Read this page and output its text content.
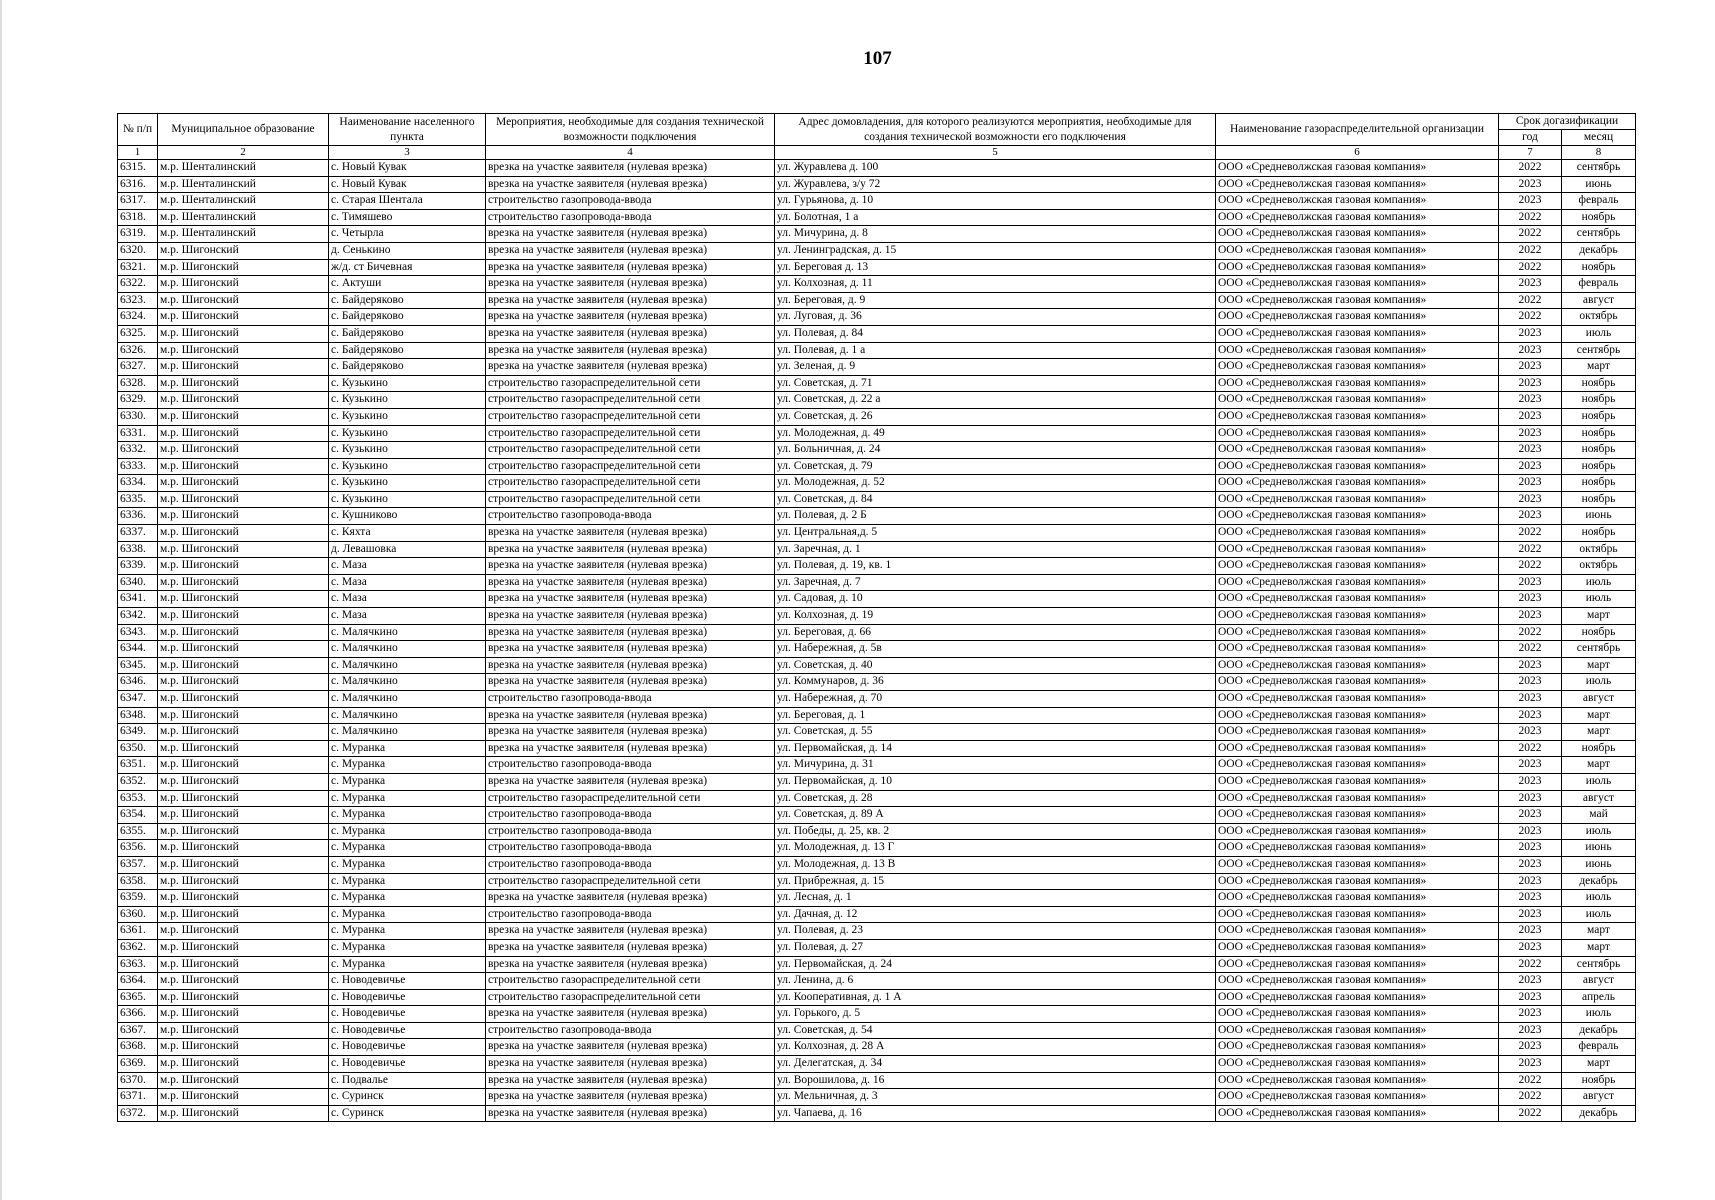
107
№ п/п	Муниципальное образование	Наименование населенного пункта	Мероприятия, необходимые для создания технической возможности подключения	Адрес домовладения, для которого реализуются мероприятия, необходимые для создания технической возможности его подключения	Наименование газораспределительной организации	Срок догазификации	
						год	месяц
1	2	3	4	5	6	7	8
6315.	м.р. Шенталинский	с. Новый Кувак	врезка на участке заявителя (нулевая врезка)	ул. Журавлева д. 100	ООО «Средневолжская газовая компания»	2022	сентябрь
6316.	м.р. Шенталинский	с. Новый Кувак	врезка на участке заявителя (нулевая врезка)	ул. Журавлева, з/у 72	ООО «Средневолжская газовая компания»	2023	июнь
6317.	м.р. Шенталинский	с. Старая Шентала	строительство газопровода-ввода	ул. Гурьянова, д. 10	ООО «Средневолжская газовая компания»	2023	февраль
6318.	м.р. Шенталинский	с. Тимяшево	строительство газопровода-ввода	ул. Болотная, 1 а	ООО «Средневолжская газовая компания»	2022	ноябрь
6319.	м.р. Шенталинский	с. Четырла	врезка на участке заявителя (нулевая врезка)	ул. Мичурина, д. 8	ООО «Средневолжская газовая компания»	2022	сентябрь
6320.	м.р. Шигонский	д. Сенькино	врезка на участке заявителя (нулевая врезка)	ул. Ленинградская, д. 15	ООО «Средневолжская газовая компания»	2022	декабрь
6321.	м.р. Шигонский	ж/д. ст Бичевная	врезка на участке заявителя (нулевая врезка)	ул. Береговая д. 13	ООО «Средневолжская газовая компания»	2022	ноябрь
6322.	м.р. Шигонский	с. Актуши	врезка на участке заявителя (нулевая врезка)	ул. Колхозная, д. 11	ООО «Средневолжская газовая компания»	2023	февраль
6323.	м.р. Шигонский	с. Байдеряково	врезка на участке заявителя (нулевая врезка)	ул. Береговая, д. 9	ООО «Средневолжская газовая компания»	2022	август
6324.	м.р. Шигонский	с. Байдеряково	врезка на участке заявителя (нулевая врезка)	ул. Луговая, д. 36	ООО «Средневолжская газовая компания»	2022	октябрь
6325.	м.р. Шигонский	с. Байдеряково	врезка на участке заявителя (нулевая врезка)	ул. Полевая, д. 84	ООО «Средневолжская газовая компания»	2023	июль
6326.	м.р. Шигонский	с. Байдеряково	врезка на участке заявителя (нулевая врезка)	ул. Полевая, д. 1 а	ООО «Средневолжская газовая компания»	2023	сентябрь
6327.	м.р. Шигонский	с. Байдеряково	врезка на участке заявителя (нулевая врезка)	ул. Зеленая, д. 9	ООО «Средневолжская газовая компания»	2023	март
6328.	м.р. Шигонский	с. Кузькино	строительство газораспределительной сети	ул. Советская, д. 71	ООО «Средневолжская газовая компания»	2023	ноябрь
6329.	м.р. Шигонский	с. Кузькино	строительство газораспределительной сети	ул. Советская, д. 22 а	ООО «Средневолжская газовая компания»	2023	ноябрь
6330.	м.р. Шигонский	с. Кузькино	строительство газораспределительной сети	ул. Советская, д. 26	ООО «Средневолжская газовая компания»	2023	ноябрь
6331.	м.р. Шигонский	с. Кузькино	строительство газораспределительной сети	ул. Молодежная, д. 49	ООО «Средневолжская газовая компания»	2023	ноябрь
6332.	м.р. Шигонский	с. Кузькино	строительство газораспределительной сети	ул. Больничная, д. 24	ООО «Средневолжская газовая компания»	2023	ноябрь
6333.	м.р. Шигонский	с. Кузькино	строительство газораспределительной сети	ул. Советская, д. 79	ООО «Средневолжская газовая компания»	2023	ноябрь
6334.	м.р. Шигонский	с. Кузькино	строительство газораспределительной сети	ул. Молодежная, д. 52	ООО «Средневолжская газовая компания»	2023	ноябрь
6335.	м.р. Шигонский	с. Кузькино	строительство газораспределительной сети	ул. Советская, д. 84	ООО «Средневолжская газовая компания»	2023	ноябрь
6336.	м.р. Шигонский	с. Кушниково	строительство газопровода-ввода	ул. Полевая, д. 2 Б	ООО «Средневолжская газовая компания»	2023	июнь
6337.	м.р. Шигонский	с. Кяхта	врезка на участке заявителя (нулевая врезка)	ул. Центральная,д. 5	ООО «Средневолжская газовая компания»	2022	ноябрь
6338.	м.р. Шигонский	д. Левашовка	врезка на участке заявителя (нулевая врезка)	ул. Заречная, д. 1	ООО «Средневолжская газовая компания»	2022	октябрь
6339.	м.р. Шигонский	с. Маза	врезка на участке заявителя (нулевая врезка)	ул. Полевая, д. 19, кв. 1	ООО «Средневолжская газовая компания»	2022	октябрь
6340.	м.р. Шигонский	с. Маза	врезка на участке заявителя (нулевая врезка)	ул. Заречная, д. 7	ООО «Средневолжская газовая компания»	2023	июль
6341.	м.р. Шигонский	с. Маза	врезка на участке заявителя (нулевая врезка)	ул. Садовая, д. 10	ООО «Средневолжская газовая компания»	2023	июль
6342.	м.р. Шигонский	с. Маза	врезка на участке заявителя (нулевая врезка)	ул. Колхозная, д. 19	ООО «Средневолжская газовая компания»	2023	март
6343.	м.р. Шигонский	с. Малячкино	врезка на участке заявителя (нулевая врезка)	ул. Береговая, д. 66	ООО «Средневолжская газовая компания»	2022	ноябрь
6344.	м.р. Шигонский	с. Малячкино	врезка на участке заявителя (нулевая врезка)	ул. Набережная, д. 5в	ООО «Средневолжская газовая компания»	2022	сентябрь
6345.	м.р. Шигонский	с. Малячкино	врезка на участке заявителя (нулевая врезка)	ул. Советская, д. 40	ООО «Средневолжская газовая компания»	2023	март
6346.	м.р. Шигонский	с. Малячкино	врезка на участке заявителя (нулевая врезка)	ул. Коммунаров, д. 36	ООО «Средневолжская газовая компания»	2023	июль
6347.	м.р. Шигонский	с. Малячкино	строительство газопровода-ввода	ул. Набережная, д. 70	ООО «Средневолжская газовая компания»	2023	август
6348.	м.р. Шигонский	с. Малячкино	врезка на участке заявителя (нулевая врезка)	ул. Береговая, д. 1	ООО «Средневолжская газовая компания»	2023	март
6349.	м.р. Шигонский	с. Малячкино	врезка на участке заявителя (нулевая врезка)	ул. Советская, д. 55	ООО «Средневолжская газовая компания»	2023	март
6350.	м.р. Шигонский	с. Муранка	врезка на участке заявителя (нулевая врезка)	ул. Первомайская, д. 14	ООО «Средневолжская газовая компания»	2022	ноябрь
6351.	м.р. Шигонский	с. Муранка	строительство газопровода-ввода	ул. Мичурина, д. 31	ООО «Средневолжская газовая компания»	2023	март
6352.	м.р. Шигонский	с. Муранка	врезка на участке заявителя (нулевая врезка)	ул. Первомайская, д. 10	ООО «Средневолжская газовая компания»	2023	июль
6353.	м.р. Шигонский	с. Муранка	строительство газораспределительной сети	ул. Советская, д. 28	ООО «Средневолжская газовая компания»	2023	август
6354.	м.р. Шигонский	с. Муранка	строительство газопровода-ввода	ул. Советская, д. 89 А	ООО «Средневолжская газовая компания»	2023	май
6355.	м.р. Шигонский	с. Муранка	строительство газопровода-ввода	ул. Победы, д. 25, кв. 2	ООО «Средневолжская газовая компания»	2023	июль
6356.	м.р. Шигонский	с. Муранка	строительство газопровода-ввода	ул. Молодежная, д. 13 Г	ООО «Средневолжская газовая компания»	2023	июнь
6357.	м.р. Шигонский	с. Муранка	строительство газопровода-ввода	ул. Молодежная, д. 13 В	ООО «Средневолжская газовая компания»	2023	июнь
6358.	м.р. Шигонский	с. Муранка	строительство газораспределительной сети	ул. Прибрежная, д. 15	ООО «Средневолжская газовая компания»	2023	декабрь
6359.	м.р. Шигонский	с. Муранка	врезка на участке заявителя (нулевая врезка)	ул. Лесная, д. 1	ООО «Средневолжская газовая компания»	2023	июль
6360.	м.р. Шигонский	с. Муранка	строительство газопровода-ввода	ул. Дачная, д. 12	ООО «Средневолжская газовая компания»	2023	июль
6361.	м.р. Шигонский	с. Муранка	врезка на участке заявителя (нулевая врезка)	ул. Полевая, д. 23	ООО «Средневолжская газовая компания»	2023	март
6362.	м.р. Шигонский	с. Муранка	врезка на участке заявителя (нулевая врезка)	ул. Полевая, д. 27	ООО «Средневолжская газовая компания»	2023	март
6363.	м.р. Шигонский	с. Муранка	врезка на участке заявителя (нулевая врезка)	ул. Первомайская, д. 24	ООО «Средневолжская газовая компания»	2022	сентябрь
6364.	м.р. Шигонский	с. Новодевичье	строительство газораспределительной сети	ул. Ленина, д. 6	ООО «Средневолжская газовая компания»	2023	август
6365.	м.р. Шигонский	с. Новодевичье	строительство газораспределительной сети	ул. Кооперативная, д. 1 А	ООО «Средневолжская газовая компания»	2023	апрель
6366.	м.р. Шигонский	с. Новодевичье	врезка на участке заявителя (нулевая врезка)	ул. Горького, д. 5	ООО «Средневолжская газовая компания»	2023	июль
6367.	м.р. Шигонский	с. Новодевичье	строительство газопровода-ввода	ул. Советская, д. 54	ООО «Средневолжская газовая компания»	2023	декабрь
6368.	м.р. Шигонский	с. Новодевичье	врезка на участке заявителя (нулевая врезка)	ул. Колхозная, д. 28 А	ООО «Средневолжская газовая компания»	2023	февраль
6369.	м.р. Шигонский	с. Новодевичье	врезка на участке заявителя (нулевая врезка)	ул. Делегатская, д. 34	ООО «Средневолжская газовая компания»	2023	март
6370.	м.р. Шигонский	с. Подвалье	врезка на участке заявителя (нулевая врезка)	ул. Ворошилова, д. 16	ООО «Средневолжская газовая компания»	2022	ноябрь
6371.	м.р. Шигонский	с. Суринск	врезка на участке заявителя (нулевая врезка)	ул. Мельничная, д. 3	ООО «Средневолжская газовая компания»	2022	август
6372.	м.р. Шигонский	с. Суринск	врезка на участке заявителя (нулевая врезка)	ул. Чапаева, д. 16	ООО «Средневолжская газовая компания»	2022	декабрь
